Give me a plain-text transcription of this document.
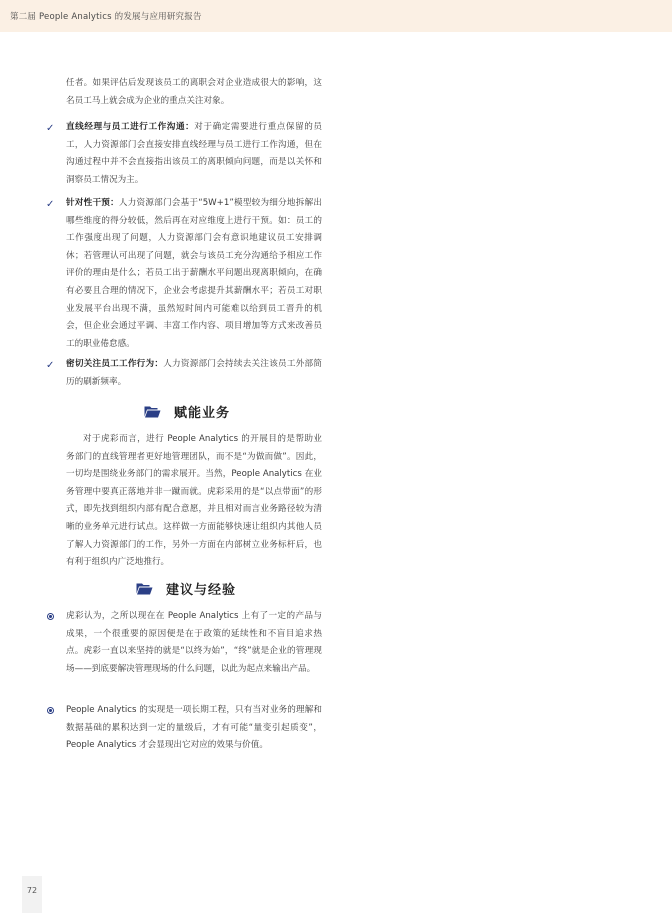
第二届 People Analytics 的发展与应用研究报告

任者。如果评估后发现该员工的离职会对企业造成很大的影响，这名员工马上就会成为企业的重点关注对象。

✓ 直线经理与员工进行工作沟通：对于确定需要进行重点保留的员工，人力资源部门会直接安排直线经理与员工进行工作沟通，但在沟通过程中并不会直接指出该员工的离职倾向问题，而是以关怀和洞察员工情况为主。

✓ 针对性干预：人力资源部门会基于“5W+1”模型较为细分地拆解出哪些维度的得分较低，然后再在对应维度上进行干预。如：员工的工作强度出现了问题，人力资源部门会有意识地建议员工安排调休；若管理认可出现了问题，就会与该员工充分沟通给予相应工作评价的理由是什么；若员工出于薪酬水平问题出现离职倾向，在确有必要且合理的情况下，企业会考虑提升其薪酬水平；若员工对职业发展平台出现不满，虽然短时间内可能难以给到员工晋升的机会，但企业会通过平调、丰富工作内容、项目增加等方式来改善员工的职业倦怠感。

✓ 密切关注员工工作行为：人力资源部门会持续去关注该员工外部简历的刷新频率。

赋能业务

对于虎彩而言，进行 People Analytics 的开展目的是帮助业务部门的直线管理者更好地管理团队，而不是“为做而做”。因此，一切均是围绕业务部门的需求展开。当然，People Analytics 在业务管理中要真正落地并非一蹴而就。虎彩采用的是“以点带面”的形式，即先找到组织内部有配合意愿，并且相对而言业务路径较为清晰的业务单元进行试点。这样做一方面能够快速让组织内其他人员了解人力资源部门的工作，另外一方面在内部树立业务标杆后，也有利于组织内广泛地推行。

建议与经验

虎彩认为，之所以现在在 People Analytics 上有了一定的产品与成果，一个很重要的原因便是在于政策的延续性和不盲目追求热点。虎彩一直以来坚持的就是“以终为始”，“终”就是企业的管理现场——到底要解决管理现场的什么问题，以此为起点来输出产品。

People Analytics 的实现是一项长期工程，只有当对业务的理解和数据基础的累积达到一定的量级后，才有可能“量变引起质变”，People Analytics 才会显现出它对应的效果与价值。

72
